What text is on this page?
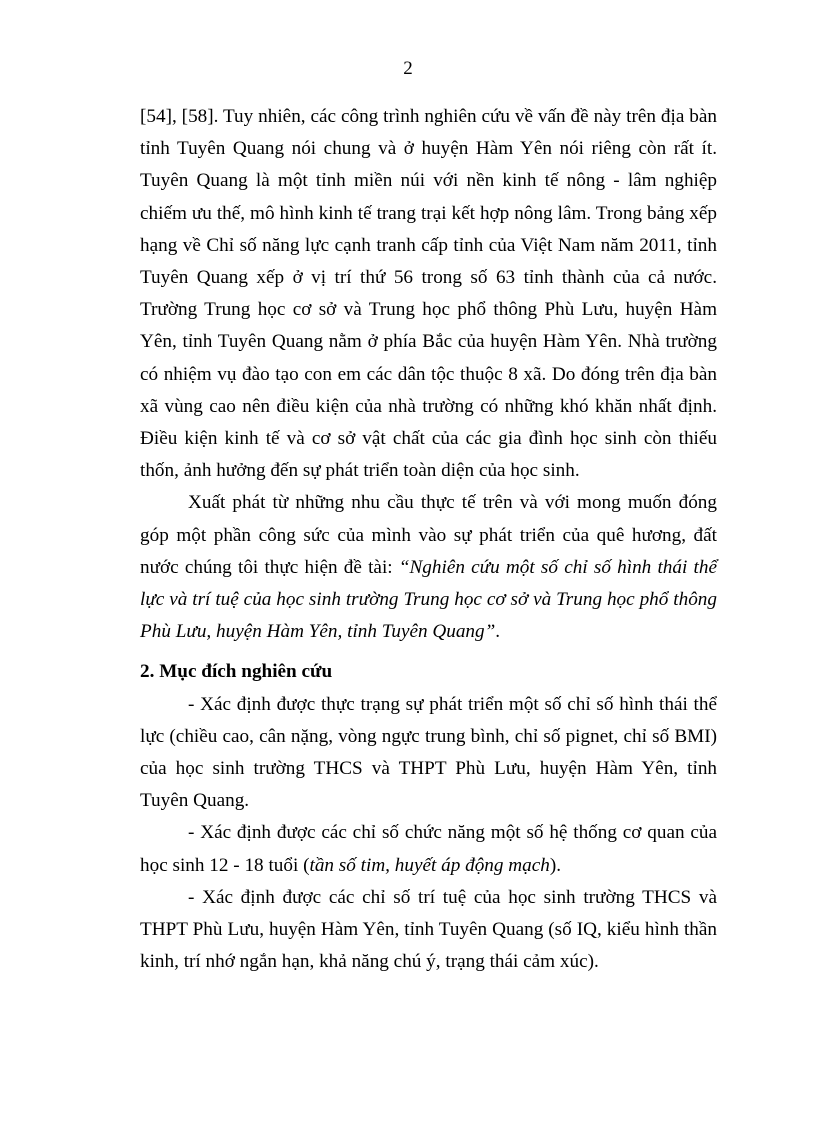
2

[54], [58]. Tuy nhiên, các công trình nghiên cứu về vấn đề này trên địa bàn tỉnh Tuyên Quang nói chung và ở huyện Hàm Yên nói riêng còn rất ít. Tuyên Quang là một tỉnh miền núi với nền kinh tế nông - lâm nghiệp chiếm ưu thế, mô hình kinh tế trang trại kết hợp nông lâm. Trong bảng xếp hạng về Chỉ số năng lực cạnh tranh cấp tỉnh của Việt Nam năm 2011, tỉnh Tuyên Quang xếp ở vị trí thứ 56 trong số 63 tỉnh thành của cả nước. Trường Trung học cơ sở và Trung học phổ thông Phù Lưu, huyện Hàm Yên, tỉnh Tuyên Quang nằm ở phía Bắc của huyện Hàm Yên. Nhà trường có nhiệm vụ đào tạo con em các dân tộc thuộc 8 xã. Do đóng trên địa bàn xã vùng cao nên điều kiện của nhà trường có những khó khăn nhất định. Điều kiện kinh tế và cơ sở vật chất của các gia đình học sinh còn thiếu thốn, ảnh hưởng đến sự phát triển toàn diện của học sinh.

Xuất phát từ những nhu cầu thực tế trên và với mong muốn đóng góp một phần công sức của mình vào sự phát triển của quê hương, đất nước chúng tôi thực hiện đề tài: “Nghiên cứu một số chỉ số hình thái thể lực và trí tuệ của học sinh trường Trung học cơ sở và Trung học phổ thông Phù Lưu, huyện Hàm Yên, tỉnh Tuyên Quang”.

2. Mục đích nghiên cứu

- Xác định được thực trạng sự phát triển một số chỉ số hình thái thể lực (chiều cao, cân nặng, vòng ngực trung bình, chỉ số pignet, chỉ số BMI) của học sinh trường THCS và THPT Phù Lưu, huyện Hàm Yên, tỉnh Tuyên Quang.

- Xác định được các chỉ số chức năng một số hệ thống cơ quan của học sinh 12 - 18 tuổi (tần số tim, huyết áp động mạch).

- Xác định được các chỉ số trí tuệ của học sinh trường THCS và THPT Phù Lưu, huyện Hàm Yên, tỉnh Tuyên Quang (số IQ, kiểu hình thần kinh, trí nhớ ngắn hạn, khả năng chú ý, trạng thái cảm xúc).
